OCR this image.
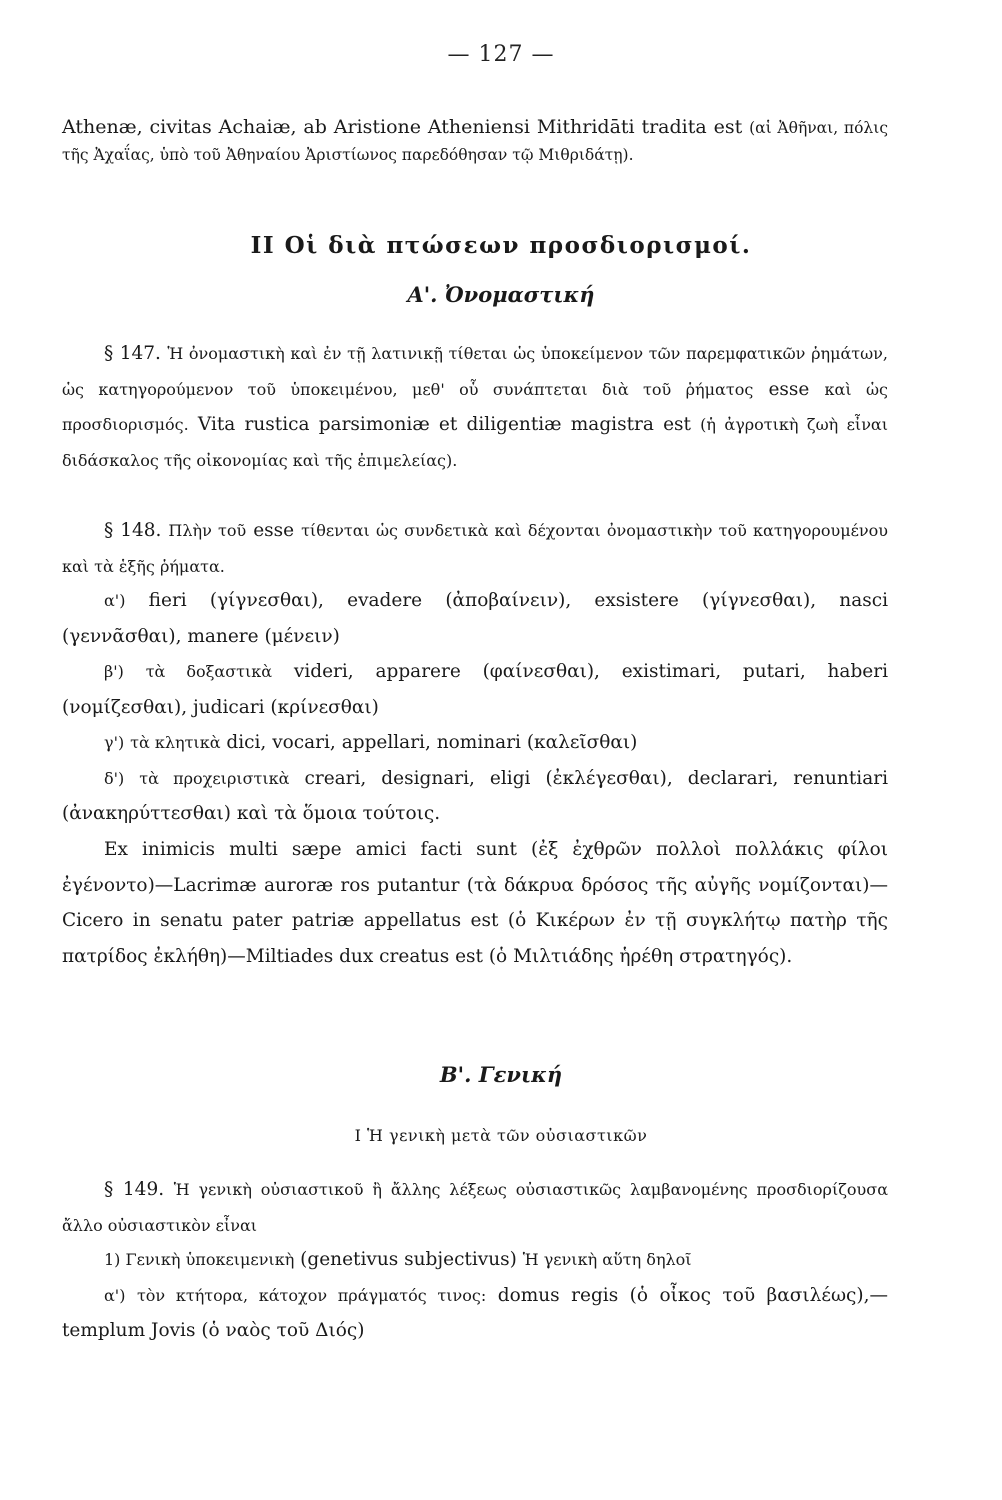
— 127 —

Athenæ, civitas Achaiæ, ab Aristione Atheniensi Mithridāti tradita est (αἱ Ἀθῆναι, πόλις τῆς Ἀχαΐας, ὑπὸ τοῦ Ἀθηναίου Ἀριστίωνος παρεδόθησαν τῷ Μιθριδάτῃ).

II Οἱ διὰ πτώσεων προσδιορισμοί.
Α'. Ὀνομαστική

§ 147. Ἡ ὀνομαστικὴ καὶ ἐν τῇ λατινικῇ τίθεται ὡς ὑποκείμενον τῶν παρεμφατικῶν ῥημάτων, ὡς κατηγορούμενον τοῦ ὑποκειμένου, μεθ' οὗ συνάπτεται διὰ τοῦ ῥήματος esse καὶ ὡς προσδιορισμός. Vita rustica parsimoniæ et diligentiæ magistra est (ἡ ἀγροτικὴ ζωὴ εἶναι διδάσκαλος τῆς οἰκονομίας καὶ τῆς ἐπιμελείας).

§ 148. Πλὴν τοῦ esse τίθενται ὡς συνδετικὰ καὶ δέχονται ὀνομαστικὴν τοῦ κατηγορουμένου καὶ τὰ ἑξῆς ῥήματα.

α') fieri (γίγνεσθαι), evadere (ἀποβαίνειν), exsistere (γίγνεσθαι), nasci (γεννᾶσθαι), manere (μένειν)
β') τὰ δοξαστικὰ videri, apparere (φαίνεσθαι), existimari, putari, haberi (νομίζεσθαι), judicari (κρίνεσθαι)
γ') τὰ κλητικὰ dici, vocari, appellari, nominari (καλεῖσθαι)
δ') τὰ προχειριστικὰ creari, designari, eligi (ἐκλέγεσθαι), declarari, renuntiari (ἀνακηρύττεσθαι) καὶ τὰ ὅμοια τούτοις.

Ex inimicis multi sæpe amici facti sunt (ἐξ ἐχθρῶν πολλοὶ πολλάκις φίλοι ἐγένοντο)—Lacrimæ auroræ ros putantur (τὰ δάκρυα δρόσος τῆς αὐγῆς νομίζονται)—Cicero in senatu pater patriæ appellatus est (ὁ Κικέρων ἐν τῇ συγκλήτῳ πατὴρ τῆς πατρίδος ἐκλήθη)—Miltiades dux creatus est (ὁ Μιλτιάδης ἡρέθη στρατηγός).

Β'. Γενική
I Ἡ γενικὴ μετὰ τῶν οὐσιαστικῶν

§ 149. Ἡ γενικὴ οὐσιαστικοῦ ἢ ἄλλης λέξεως οὐσιαστικῶς λαμβανομένης προσδιορίζουσα ἄλλο οὐσιαστικὸν εἶναι

1) Γενικὴ ὑποκειμενικὴ (genetivus subjectivus) Ἡ γενικὴ αὕτη δηλοῖ
α') τὸν κτήτορα, κάτοχον πράγματός τινος: domus regis (ὁ οἶκος τοῦ βασιλέως),—templum Jovis (ὁ ναὸς τοῦ Διός)
